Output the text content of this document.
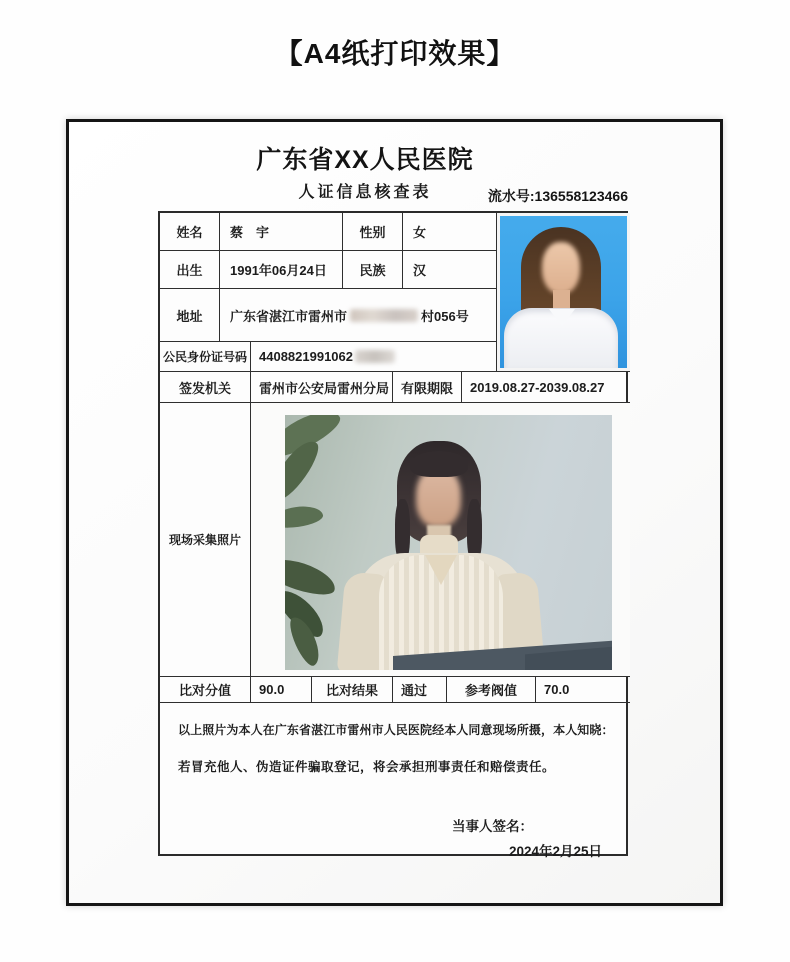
【A4纸打印效果】
广东省XX人民医院
人证信息核查表	流水号:136558123466
姓名	蔡　宇	性别	女
出生	1991年06月24日	民族	汉
地址	广东省湛江市雷州市	村056号
公民身份证号码 4408821991062
签发机关	雷州市公安局雷州分局 有限期限	2019.08.27-2039.08.27
现场采集照片
比对分值	90.0	比对结果	通过	参考阀值	70.0
以上照片为本人在广东省湛江市雷州市人民医院经本人同意现场所摄，本人知晓：
若冒充他人、伪造证件骗取登记，将会承担刑事责任和赔偿责任。
当事人签名：
2024年2月25日
